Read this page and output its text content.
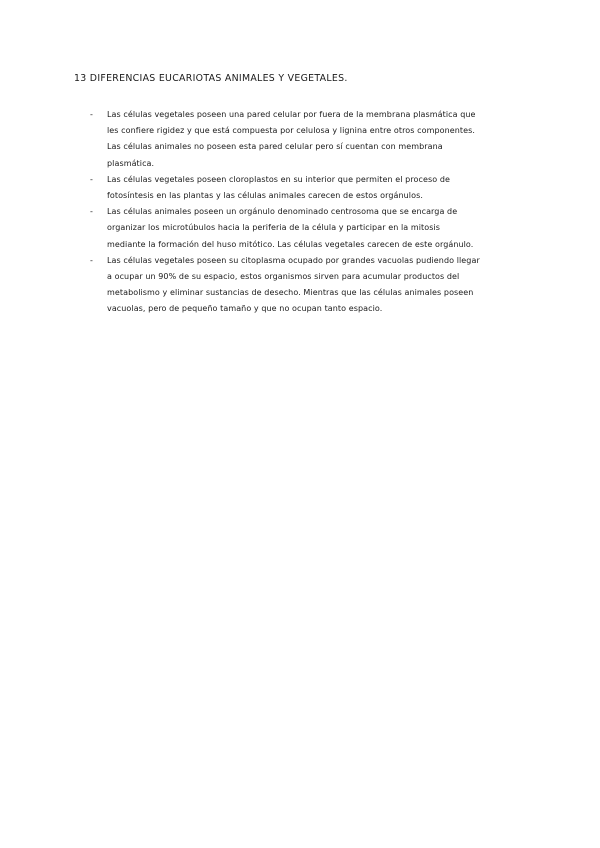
13 DIFERENCIAS EUCARIOTAS ANIMALES Y VEGETALES.
- Las células vegetales poseen una pared celular por fuera de la membrana plasmática que
les confiere rigidez y que está compuesta por celulosa y lignina entre otros componentes.
Las células animales no poseen esta pared celular pero sí cuentan con membrana
plasmática.
- Las células vegetales poseen cloroplastos en su interior que permiten el proceso de
fotosíntesis en las plantas y las células animales carecen de estos orgánulos.
- Las células animales poseen un orgánulo denominado centrosoma que se encarga de
organizar los microtúbulos hacia la periferia de la célula y participar en la mitosis
mediante la formación del huso mitótico. Las células vegetales carecen de este orgánulo.
- Las células vegetales poseen su citoplasma ocupado por grandes vacuolas pudiendo llegar
a ocupar un 90% de su espacio, estos organismos sirven para acumular productos del
metabolismo y eliminar sustancias de desecho. Mientras que las células animales poseen
vacuolas, pero de pequeño tamaño y que no ocupan tanto espacio.
